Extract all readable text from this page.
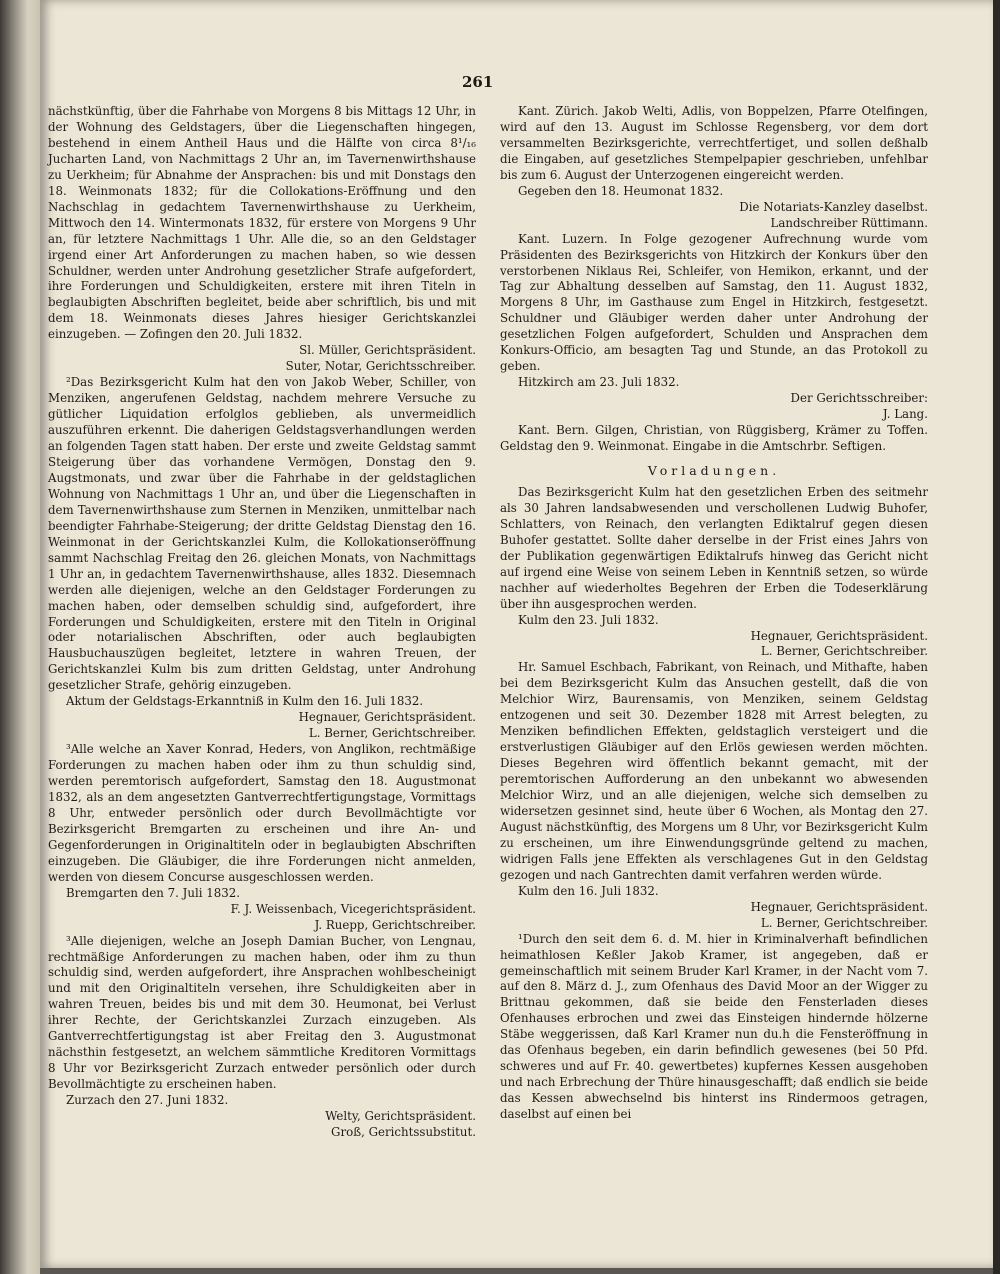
261

nächstkünftig, über die Fahrhabe von Morgens 8 bis Mittags 12 Uhr, in der Wohnung des Geldstagers, über die Liegenschaften hingegen, bestehend in einem Antheil Haus und die Hälfte von circa 8¹/₁₆ Jucharten Land, von Nachmittags 2 Uhr an, im Tavernenwirthshause zu Uerkheim; für Abnahme der Ansprachen: bis und mit Donstags den 18. Weinmonats 1832; für die Collokations-Eröffnung und den Nachschlag in gedachtem Tavernenwirthshause zu Uerkheim, Mittwoch den 14. Wintermonats 1832, für erstere von Morgens 9 Uhr an, für letztere Nachmittags 1 Uhr. Alle die, so an den Geldstager irgend einer Art Anforderungen zu machen haben, so wie dessen Schuldner, werden unter Androhung gesetzlicher Strafe aufgefordert, ihre Forderungen und Schuldigkeiten, erstere mit ihren Titeln in beglaubigten Abschriften begleitet, beide aber schriftlich, bis und mit dem 18. Weinmonats dieses Jahres hiesiger Gerichtskanzlei einzugeben. — Zofingen den 20. Juli 1832.

Sl. Müller, Gerichtspräsident.

Suter, Notar, Gerichtsschreiber.

²Das Bezirksgericht Kulm hat den von Jakob Weber, Schiller, von Menziken, angerufenen Geldstag, nachdem mehrere Versuche zu gütlicher Liquidation erfolglos geblieben, als unvermeidlich auszuführen erkennt. Die daherigen Geldstagsverhandlungen werden an folgenden Tagen statt haben. Der erste und zweite Geldstag sammt Steigerung über das vorhandene Vermögen, Donstag den 9. Augstmonats, und zwar über die Fahrhabe in der geldstaglichen Wohnung von Nachmittags 1 Uhr an, und über die Liegenschaften in dem Tavernenwirthshause zum Sternen in Menziken, unmittelbar nach beendigter Fahrhabe-Steigerung; der dritte Geldstag Dienstag den 16. Weinmonat in der Gerichtskanzlei Kulm, die Kollokationseröffnung sammt Nachschlag Freitag den 26. gleichen Monats, von Nachmittags 1 Uhr an, in gedachtem Tavernenwirthshause, alles 1832. Diesemnach werden alle diejenigen, welche an den Geldstager Forderungen zu machen haben, oder demselben schuldig sind, aufgefordert, ihre Forderungen und Schuldigkeiten, erstere mit den Titeln in Original oder notarialischen Abschriften, oder auch beglaubigten Hausbuchauszügen begleitet, letztere in wahren Treuen, der Gerichtskanzlei Kulm bis zum dritten Geldstag, unter Androhung gesetzlicher Strafe, gehörig einzugeben.

Aktum der Geldstags-Erkanntniß in Kulm den 16. Juli 1832.

Hegnauer, Gerichtspräsident.

L. Berner, Gerichtschreiber.

³Alle welche an Xaver Konrad, Heders, von Anglikon, rechtmäßige Forderungen zu machen haben oder ihm zu thun schuldig sind, werden peremtorisch aufgefordert, Samstag den 18. Augustmonat 1832, als an dem angesetzten Gantverrechtfertigungstage, Vormittags 8 Uhr, entweder persönlich oder durch Bevollmächtigte vor Bezirksgericht Bremgarten zu erscheinen und ihre An- und Gegenforderungen in Originaltiteln oder in beglaubigten Abschriften einzugeben. Die Gläubiger, die ihre Forderungen nicht anmelden, werden von diesem Concurse ausgeschlossen werden.

Bremgarten den 7. Juli 1832.

F. J. Weissenbach, Vicegerichtspräsident.

J. Ruepp, Gerichtschreiber.

³Alle diejenigen, welche an Joseph Damian Bucher, von Lengnau, rechtmäßige Anforderungen zu machen haben, oder ihm zu thun schuldig sind, werden aufgefordert, ihre Ansprachen wohlbescheinigt und mit den Originaltiteln versehen, ihre Schuldigkeiten aber in wahren Treuen, beides bis und mit dem 30. Heumonat, bei Verlust ihrer Rechte, der Gerichtskanzlei Zurzach einzugeben. Als Gantverrechtfertigungstag ist aber Freitag den 3. Augustmonat nächsthin festgesetzt, an welchem sämmtliche Kreditoren Vormittags 8 Uhr vor Bezirksgericht Zurzach entweder persönlich oder durch Bevollmächtigte zu erscheinen haben.

Zurzach den 27. Juni 1832.

Welty, Gerichtspräsident.

Groß, Gerichtssubstitut.

Kant. Zürich. Jakob Welti, Adlis, von Boppelzen, Pfarre Otelfingen, wird auf den 13. August im Schlosse Regensberg, vor dem dort versammelten Bezirksgerichte, verrechtfertiget, und sollen deßhalb die Eingaben, auf gesetzliches Stempelpapier geschrieben, unfehlbar bis zum 6. August der Unterzogenen eingereicht werden.

Gegeben den 18. Heumonat 1832.

Die Notariats-Kanzley daselbst.

Landschreiber Rüttimann.

Kant. Luzern. In Folge gezogener Aufrechnung wurde vom Präsidenten des Bezirksgerichts von Hitzkirch der Konkurs über den verstorbenen Niklaus Rei, Schleifer, von Hemikon, erkannt, und der Tag zur Abhaltung desselben auf Samstag, den 11. August 1832, Morgens 8 Uhr, im Gasthause zum Engel in Hitzkirch, festgesetzt. Schuldner und Gläubiger werden daher unter Androhung der gesetzlichen Folgen aufgefordert, Schulden und Ansprachen dem Konkurs-Officio, am besagten Tag und Stunde, an das Protokoll zu geben.

Hitzkirch am 23. Juli 1832.

Der Gerichtsschreiber:

J. Lang.

Kant. Bern. Gilgen, Christian, von Rüggisberg, Krämer zu Toffen. Geldstag den 9. Weinmonat. Eingabe in die Amtschrbr. Seftigen.

Vorladungen.

Das Bezirksgericht Kulm hat den gesetzlichen Erben des seitmehr als 30 Jahren landsabwesenden und verschollenen Ludwig Buhofer, Schlatters, von Reinach, den verlangten Ediktalruf gegen diesen Buhofer gestattet. Sollte daher derselbe in der Frist eines Jahrs von der Publikation gegenwärtigen Ediktalrufs hinweg das Gericht nicht auf irgend eine Weise von seinem Leben in Kenntniß setzen, so würde nachher auf wiederholtes Begehren der Erben die Todeserklärung über ihn ausgesprochen werden.

Kulm den 23. Juli 1832.

Hegnauer, Gerichtspräsident.

L. Berner, Gerichtschreiber.

Hr. Samuel Eschbach, Fabrikant, von Reinach, und Mithafte, haben bei dem Bezirksgericht Kulm das Ansuchen gestellt, daß die von Melchior Wirz, Baurensamis, von Menziken, seinem Geldstag entzogenen und seit 30. Dezember 1828 mit Arrest belegten, zu Menziken befindlichen Effekten, geldstaglich versteigert und die erstverlustigen Gläubiger auf den Erlös gewiesen werden möchten. Dieses Begehren wird öffentlich bekannt gemacht, mit der peremtorischen Aufforderung an den unbekannt wo abwesenden Melchior Wirz, und an alle diejenigen, welche sich demselben zu widersetzen gesinnet sind, heute über 6 Wochen, als Montag den 27. August nächstkünftig, des Morgens um 8 Uhr, vor Bezirksgericht Kulm zu erscheinen, um ihre Einwendungsgründe geltend zu machen, widrigen Falls jene Effekten als verschlagenes Gut in den Geldstag gezogen und nach Gantrechten damit verfahren werden würde.

Kulm den 16. Juli 1832.

Hegnauer, Gerichtspräsident.

L. Berner, Gerichtschreiber.

¹Durch den seit dem 6. d. M. hier in Kriminalverhaft befindlichen heimathlosen Keßler Jakob Kramer, ist angegeben, daß er gemeinschaftlich mit seinem Bruder Karl Kramer, in der Nacht vom 7. auf den 8. März d. J., zum Ofenhaus des David Moor an der Wigger zu Brittnau gekommen, daß sie beide den Fensterladen dieses Ofenhauses erbrochen und zwei das Einsteigen hindernde hölzerne Stäbe weggerissen, daß Karl Kramer nun du.h die Fensteröffnung in das Ofenhaus begeben, ein darin befindlich gewesenes (bei 50 Pfd. schweres und auf Fr. 40. gewertbetes) kupfernes Kessen ausgehoben und nach Erbrechung der Thüre hinausgeschafft; daß endlich sie beide das Kessen abwechselnd bis hinterst ins Rindermoos getragen, daselbst auf einen bei
